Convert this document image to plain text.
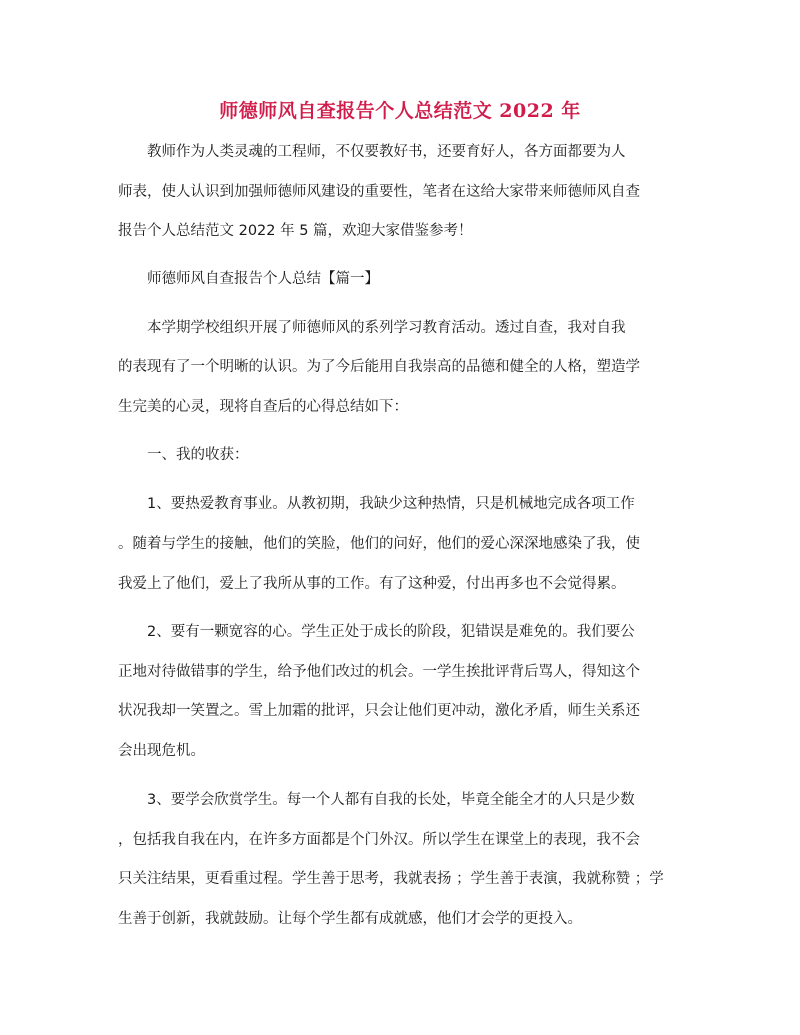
师德师风自查报告个人总结范文 2022 年
教师作为人类灵魂的工程师，不仅要教好书，还要育好人，各方面都要为人
师表，使人认识到加强师德师风建设的重要性，笔者在这给大家带来师德师风自查
报告个人总结范文 2022 年 5 篇，欢迎大家借鉴参考！
师德师风自查报告个人总结【篇一】
本学期学校组织开展了师德师风的系列学习教育活动。透过自查，我对自我
的表现有了一个明晰的认识。为了今后能用自我崇高的品德和健全的人格，塑造学
生完美的心灵，现将自查后的心得总结如下：
一、我的收获：
1、要热爱教育事业。从教初期，我缺少这种热情，只是机械地完成各项工作
。随着与学生的接触，他们的笑脸，他们的问好，他们的爱心深深地感染了我，使
我爱上了他们，爱上了我所从事的工作。有了这种爱，付出再多也不会觉得累。
2、要有一颗宽容的心。学生正处于成长的阶段，犯错误是难免的。我们要公
正地对待做错事的学生，给予他们改过的机会。一学生挨批评背后骂人，得知这个
状况我却一笑置之。雪上加霜的批评，只会让他们更冲动，激化矛盾，师生关系还
会出现危机。
3、要学会欣赏学生。每一个人都有自我的长处，毕竟全能全才的人只是少数
，包括我自我在内，在许多方面都是个门外汉。所以学生在课堂上的表现，我不会
只关注结果，更看重过程。学生善于思考，我就表扬 ；学生善于表演，我就称赞 ；学
生善于创新，我就鼓励。让每个学生都有成就感，他们才会学的更投入。
